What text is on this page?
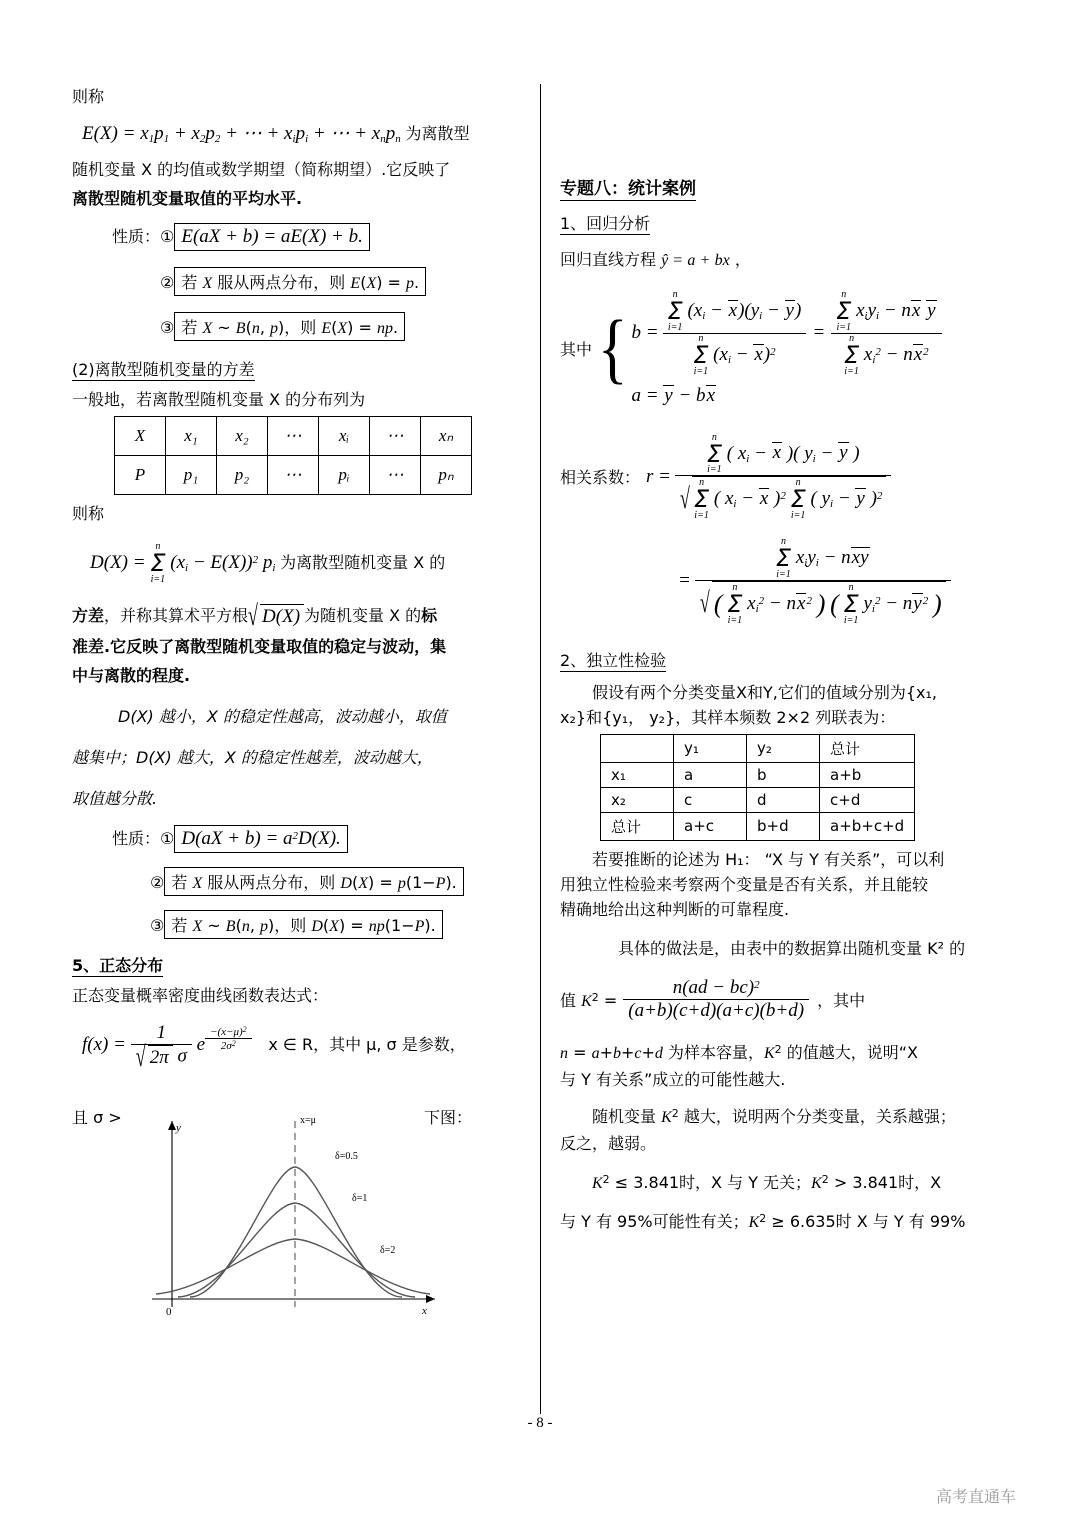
则称
$E(X) = x_1p_1 + x_2p_2$ + ⋯ + $x_ip_i$ + ⋯ + $x_np_n$ 为离散型
随机变量 X 的均值或数学期望（简称期望）.它反映了
离散型随机变量取值的平均水平.
性质：① E(aX + b) = aE(X) + b.
② 若 X 服从两点分布，则 E(X) = p.
③ 若 X ~ B(n, p)，则 E(X) = np.
(2)离散型随机变量的方差
一般地，若离散型随机变量 X 的分布列为
X	x₁	x₂	⋯	xᵢ	⋯	xₙ
P	p₁	p₂	⋯	pᵢ	⋯	pₙ
则称
D(X) =
n
Σ
i=1
$(x_i - E(X))^2$ $p_i$ 为离散型随机变量 X 的
方差，并称其算术平方根 √ D(X) 为随机变量 X 的标
准差.它反映了离散型随机变量取值的稳定与波动，集
中与离散的程度.
D(X) 越小，X 的稳定性越高，波动越小，取值
越集中；D(X) 越大，X 的稳定性越差，波动越大，
取值越分散.
性质：① $D(aX + b) = a^2D(X)$.
② 若 X 服从两点分布，则 D(X) = p(1−P).
③ 若 X ~ B(n, p)，则 D(X) = np(1−P).
5、正态分布
正态变量概率密度曲线函数表达式：
f(x) = 1
√ 2π σ e $\frac{-(x-\mu)^2}{2\sigma^2}$ x ∈ R，其中 μ, σ 是参数，
且 σ >	下图：
y
x
0
x=μ
δ=0.5
δ=1
δ=2
专题八：统计案例
1、回归分析
回归直线方程 ŷ = a + bx ，
其中 { b = n
Σ
i=1
$(x_i - x)(y_i - y)$
n
Σ
i=1
$(x_i - x)^2 = n$
Σ
i=1
$x_iy_i$ − nx y
n
Σ
i=1
$x_i^2 - nx^2$
a = y − bx
相关系数： r =
n
Σ
i=1
( $x_i - x$ )( $y_i - y$ )
√ n
Σ
i=1
( $x_i - x$ )$^2$
n
Σ
i=1
( $y_i - y$ )$^2$
=
n
Σ
i=1
$x_iy_i$ − nxy
√ (
n
Σ
i=1
$x_i^2 - nx^2$ ) (
n
Σ
i=1
$y_i^2 - ny^2$ )
2、独立性检验
假设有两个分类变量X和Y,它们的值域分别为{x₁,
x₂}和{y₁， y₂}，其样本频数 2×2 列联表为：
	y₁	y₂	总计
x₁	a	b	a+b
x₂	c	d	c+d
总计	a+c	b+d	a+b+c+d
若要推断的论述为 H₁： “X 与 Y 有关系”，可以利
用独立性检验来考察两个变量是否有关系，并且能较
精确地给出这种判断的可靠程度.
具体的做法是，由表中的数据算出随机变量 K² 的
值 $K^2 = \frac{n(ad - bc)^2}{(a+b)(c+d)(a+c)(b+d)}$ ，其中
n = a+b+c+d 为样本容量，$K^2$ 的值越大，说明“X
与 Y 有关系”成立的可能性越大.
随机变量 $K^2$ 越大，说明两个分类变量，关系越强；
反之，越弱。
$K^2 \le 3.841$时，X 与 Y 无关；$K^2 > 3.841$时，X
与 Y 有 95%可能性有关；$K^2 \ge 6.635$时 X 与 Y 有 99%
- 8 -
高考直通车
